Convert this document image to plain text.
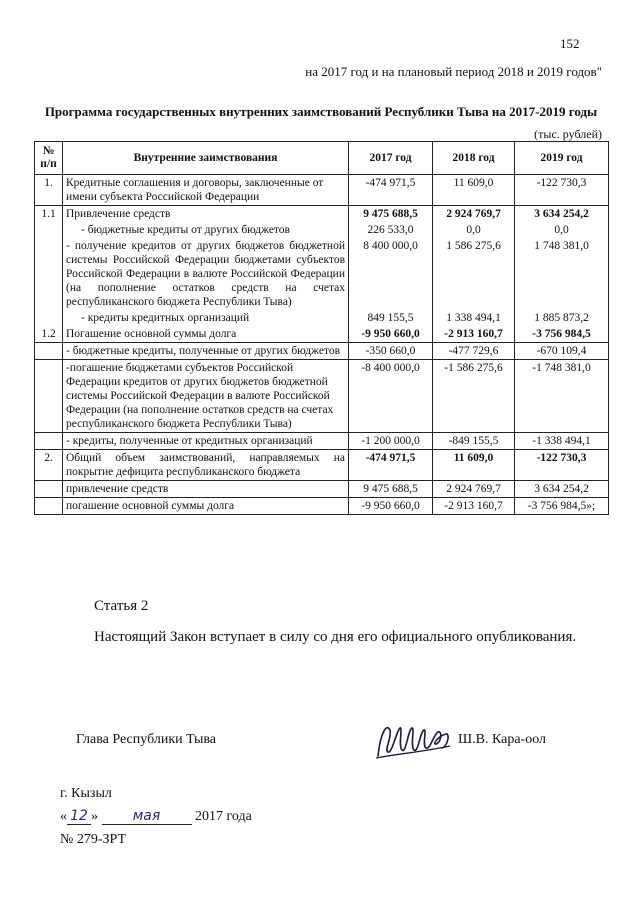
152
на 2017 год и на плановый период 2018 и 2019 годов"
Программа государственных внутренних заимствований Республики Тыва на 2017-2019 годы
(тыс. рублей)
№ п/п	Внутренние заимствования	2017 год	2018 год	2019 год
1.	Кредитные соглашения и договоры, заключенные от имени субъекта Российской Федерации	-474 971,5	11 609,0	-122 730,3
1.1	Привлечение средств	9 475 688,5	2 924 769,7	3 634 254,2
	- бюджетные кредиты от других бюджетов	226 533,0	0,0	0,0
	- получение кредитов от других бюджетов бюджетной системы Российской Федерации бюджетами субъектов Российской Федерации в валюте Российской Федерации (на пополнение остатков средств на счетах республиканского бюджета Республики Тыва)	8 400 000,0	1 586 275,6	1 748 381,0
	- кредиты кредитных организаций	849 155,5	1 338 494,1	1 885 873,2
1.2	Погашение основной суммы долга	-9 950 660,0	-2 913 160,7	-3 756 984,5
	- бюджетные кредиты, полученные от других бюджетов	-350 660,0	-477 729,6	-670 109,4
	-погашение бюджетами субъектов Российской Федерации кредитов от других бюджетов бюджетной системы Российской Федерации в валюте Российской Федерации (на пополнение остатков средств на счетах республиканского бюджета Республики Тыва)	-8 400 000,0	-1 586 275,6	-1 748 381,0
	- кредиты, полученные от кредитных организаций	-1 200 000,0	-849 155,5	-1 338 494,1
2.	Общий объем заимствований, направляемых на покрытие дефицита республиканского бюджета	-474 971,5	11 609,0	-122 730,3
	привлечение средств	9 475 688,5	2 924 769,7	3 634 254,2
	погашение основной суммы долга	-9 950 660,0	-2 913 160,7	-3 756 984,5»;
Статья 2
Настоящий Закон вступает в силу со дня его официального опубликования.
Глава Республики Тыва	Ш.В. Кара-оол
г. Кызыл
« 12 » мая 2017 года
№ 279-ЗРТ
